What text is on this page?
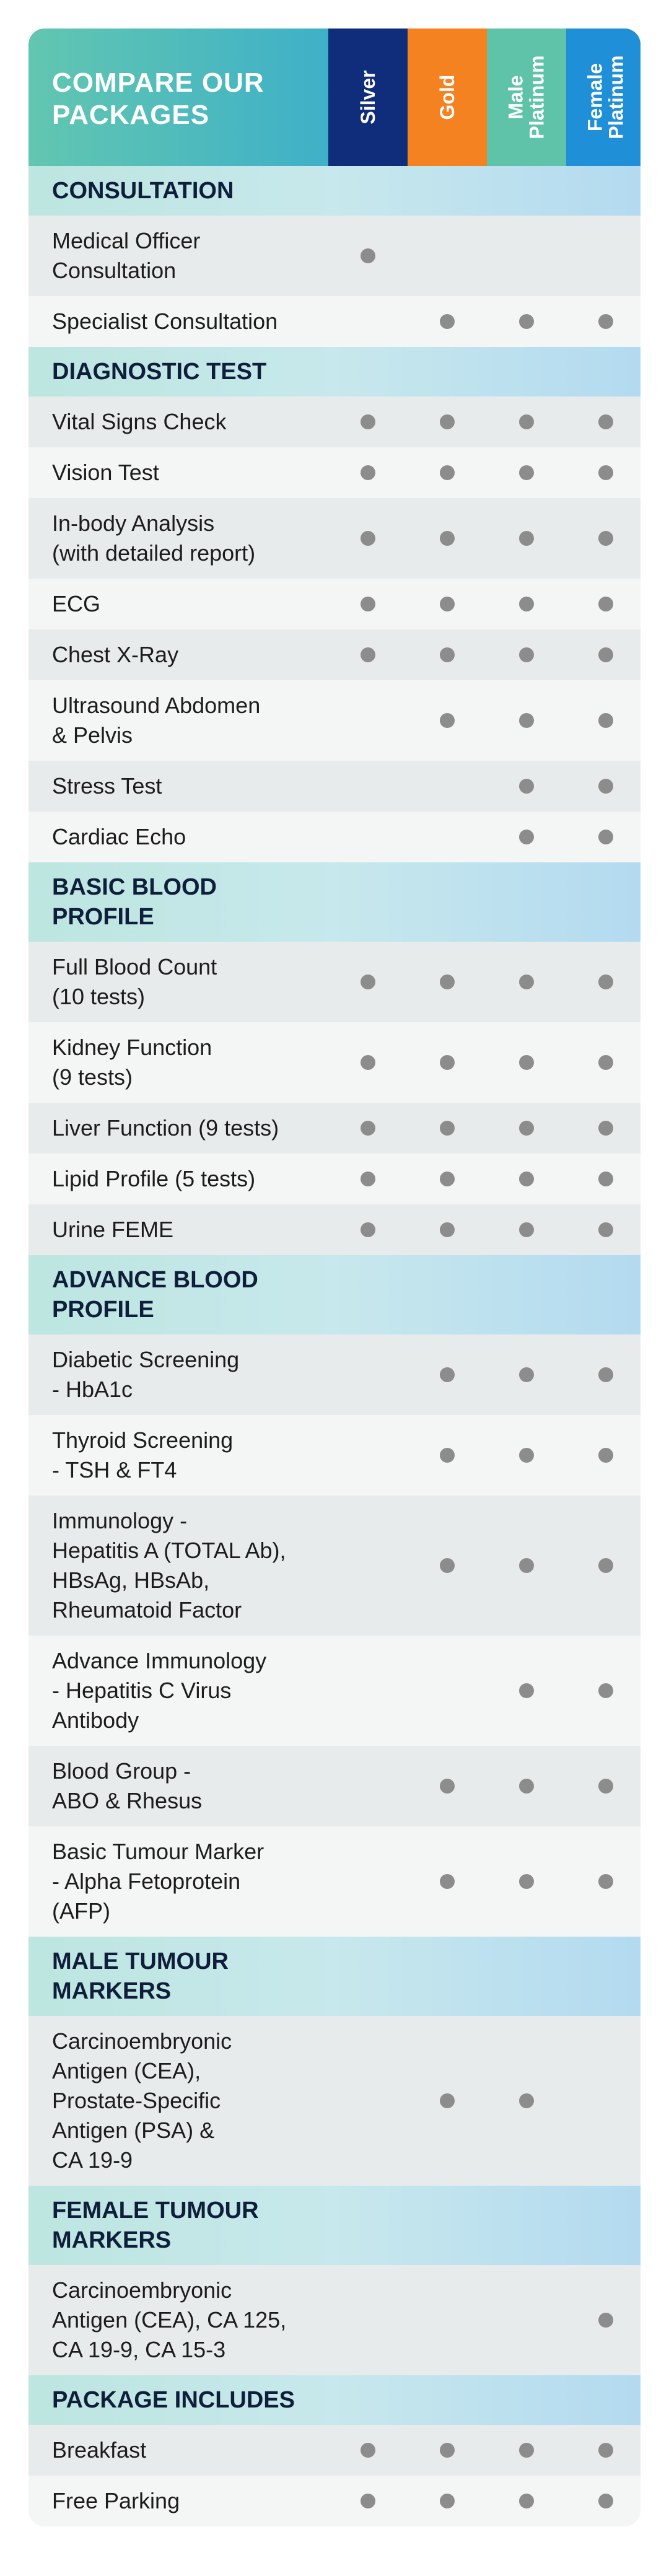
COMPARE OUR PACKAGES	Silver	Gold Male
Platinum Female
Platinum
CONSULTATION
Medical Officer
Consultation
Specialist Consultation
DIAGNOSTIC TEST
Vital Signs Check
Vision Test
In-body Analysis
(with detailed report)
ECG
Chest X-Ray
Ultrasound Abdomen
& Pelvis
Stress Test
Cardiac Echo
BASIC BLOOD
PROFILE
Full Blood Count
(10 tests)
Kidney Function
(9 tests)
Liver Function (9 tests)
Lipid Profile (5 tests)
Urine FEME
ADVANCE BLOOD
PROFILE
Diabetic Screening
- HbA1c
Thyroid Screening
- TSH & FT4
Immunology -
Hepatitis A (TOTAL Ab),
HBsAg, HBsAb,
Rheumatoid Factor
Advance Immunology
- Hepatitis C Virus
Antibody
Blood Group -
ABO & Rhesus
Basic Tumour Marker
- Alpha Fetoprotein
(AFP)
MALE TUMOUR
MARKERS
Carcinoembryonic
Antigen (CEA),
Prostate-Specific
Antigen (PSA) &
CA 19-9
FEMALE TUMOUR
MARKERS
Carcinoembryonic
Antigen (CEA), CA 125,
CA 19-9, CA 15-3
PACKAGE INCLUDES
Breakfast
Free Parking
